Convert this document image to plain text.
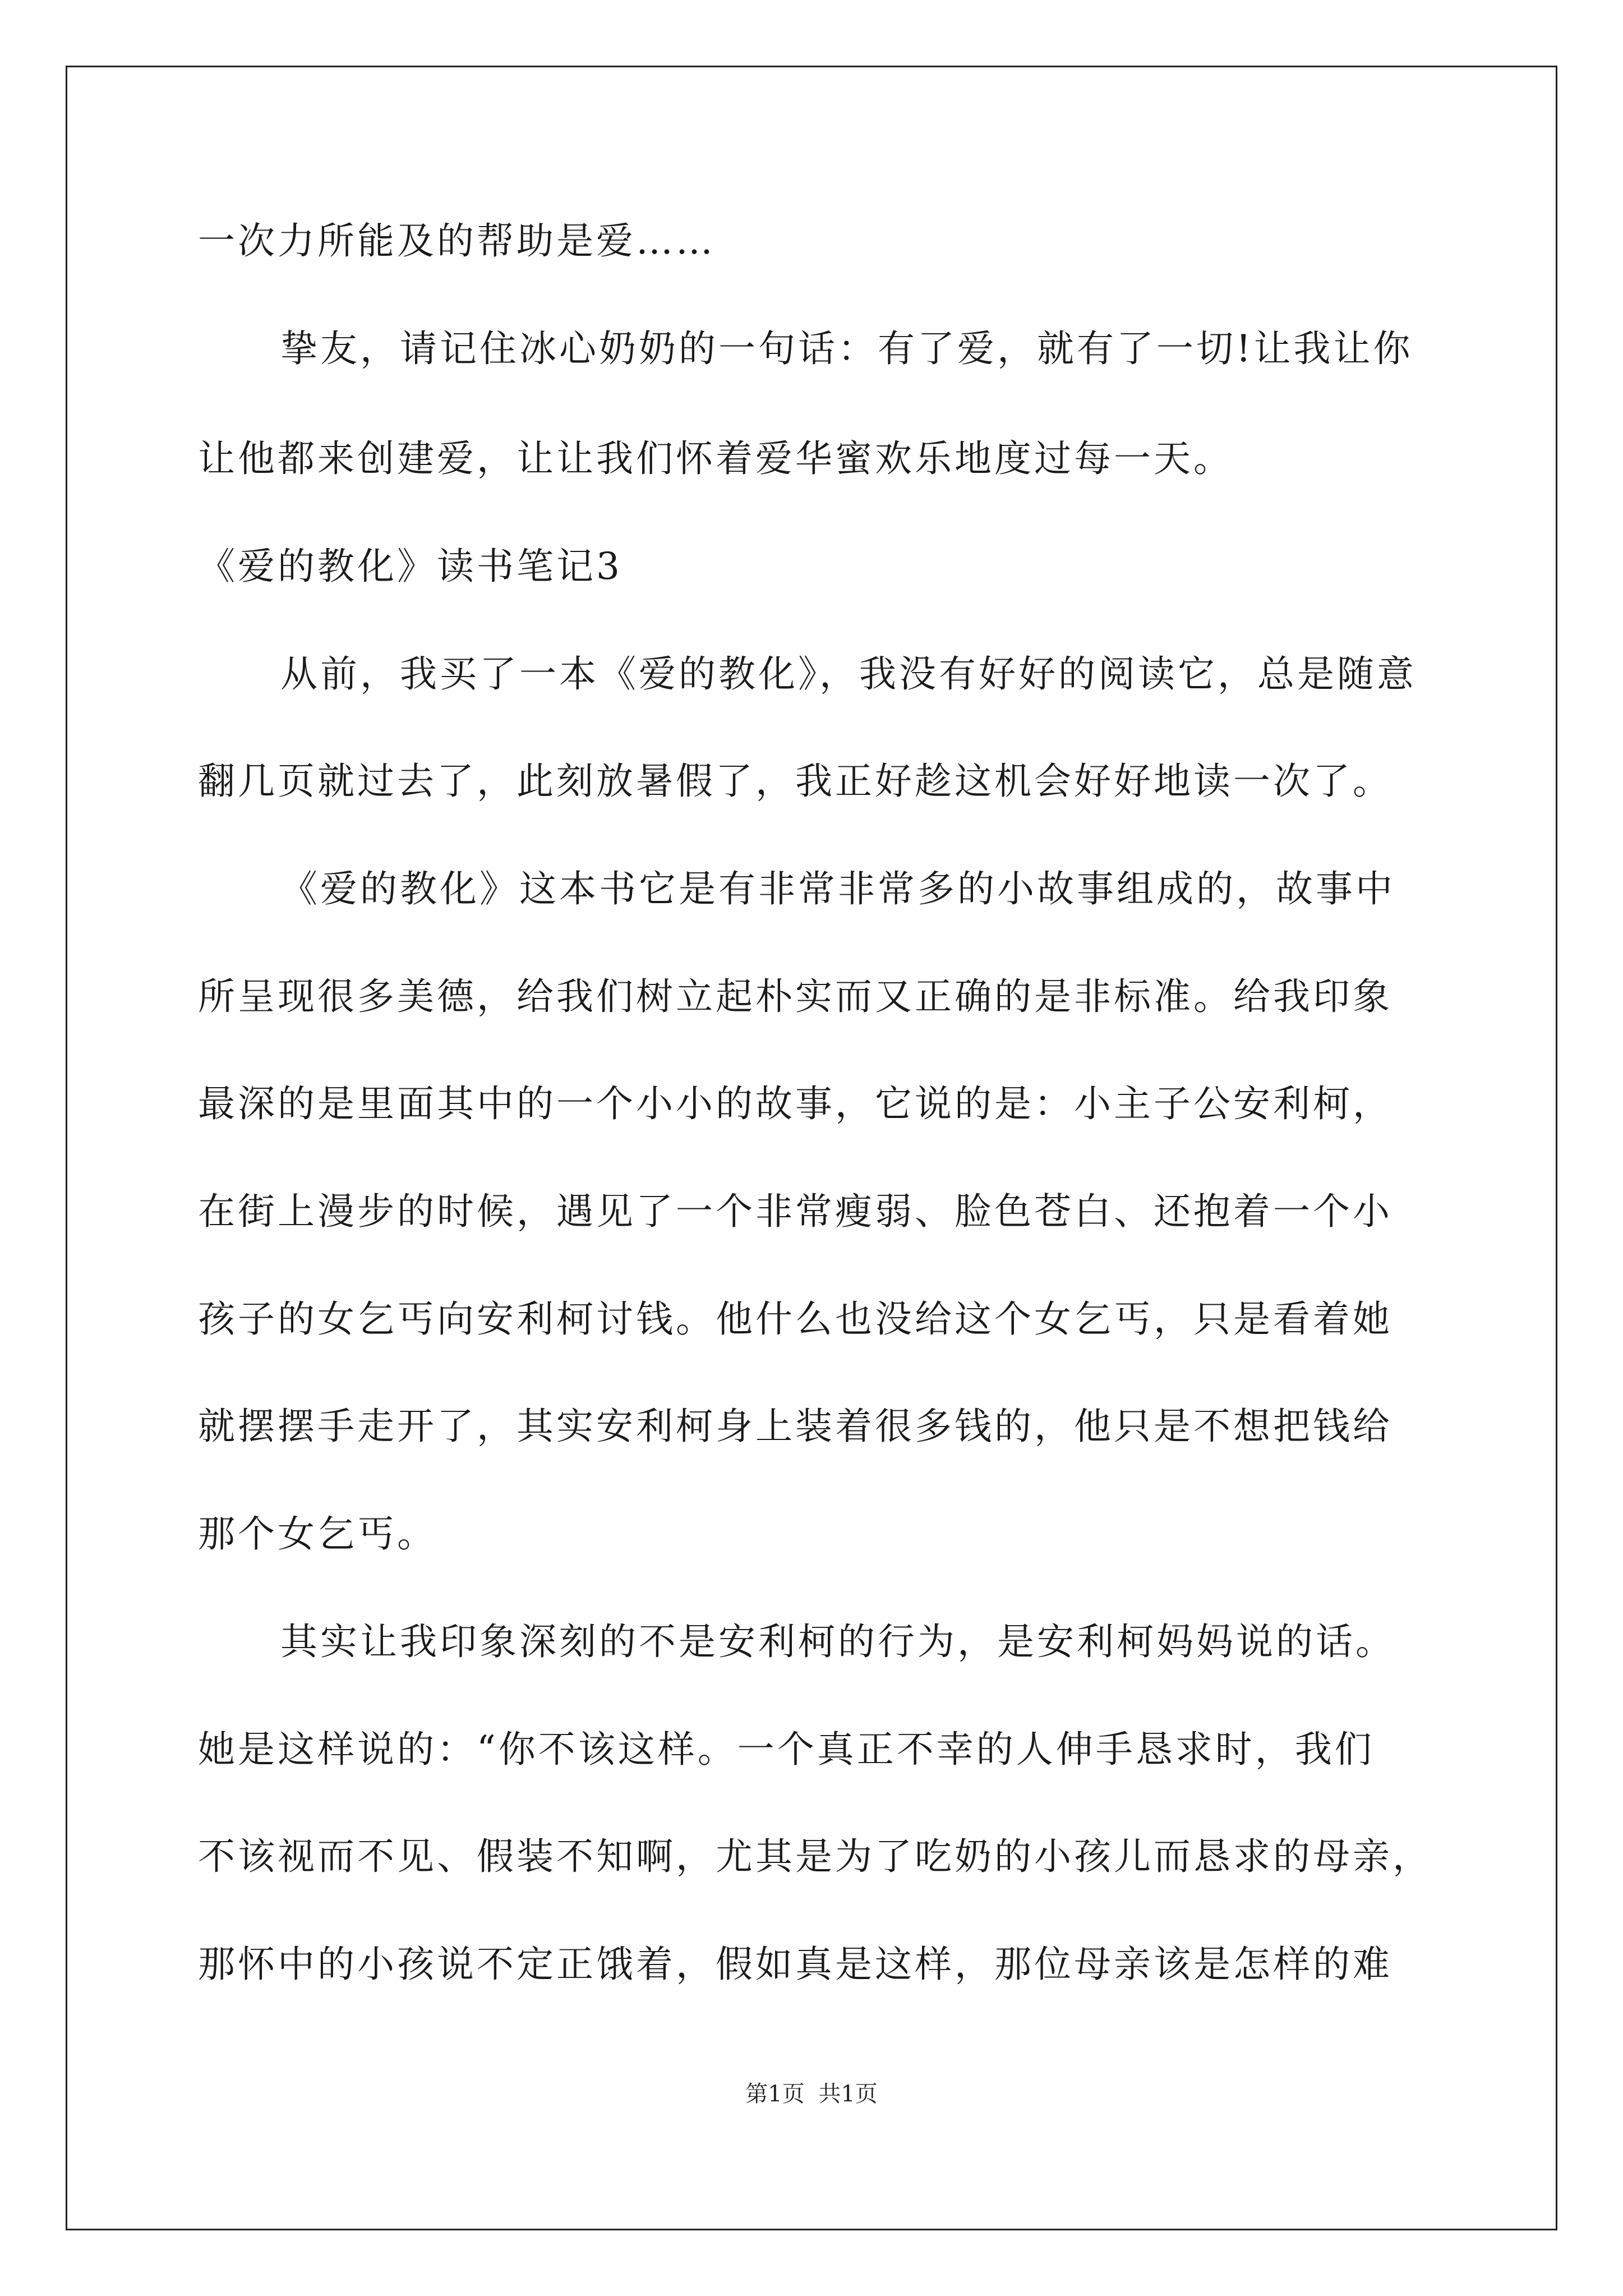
一次力所能及的帮助是爱……
挚友，请记住冰心奶奶的一句话：有了爱，就有了一切!让我让你
让他都来创建爱，让让我们怀着爱华蜜欢乐地度过每一天。
《爱的教化》读书笔记3
从前，我买了一本《爱的教化》，我没有好好的阅读它，总是随意
翻几页就过去了，此刻放暑假了，我正好趁这机会好好地读一次了。
《爱的教化》这本书它是有非常非常多的小故事组成的，故事中
所呈现很多美德，给我们树立起朴实而又正确的是非标准。给我印象
最深的是里面其中的一个小小的故事，它说的是：小主子公安利柯，
在街上漫步的时候，遇见了一个非常瘦弱、脸色苍白、还抱着一个小
孩子的女乞丐向安利柯讨钱。他什么也没给这个女乞丐，只是看着她
就摆摆手走开了，其实安利柯身上装着很多钱的，他只是不想把钱给
那个女乞丐。
其实让我印象深刻的不是安利柯的行为，是安利柯妈妈说的话。
她是这样说的：“你不该这样。一个真正不幸的人伸手恳求时，我们
不该视而不见、假装不知啊，尤其是为了吃奶的小孩儿而恳求的母亲，
那怀中的小孩说不定正饿着，假如真是这样，那位母亲该是怎样的难
第1页 共1页
